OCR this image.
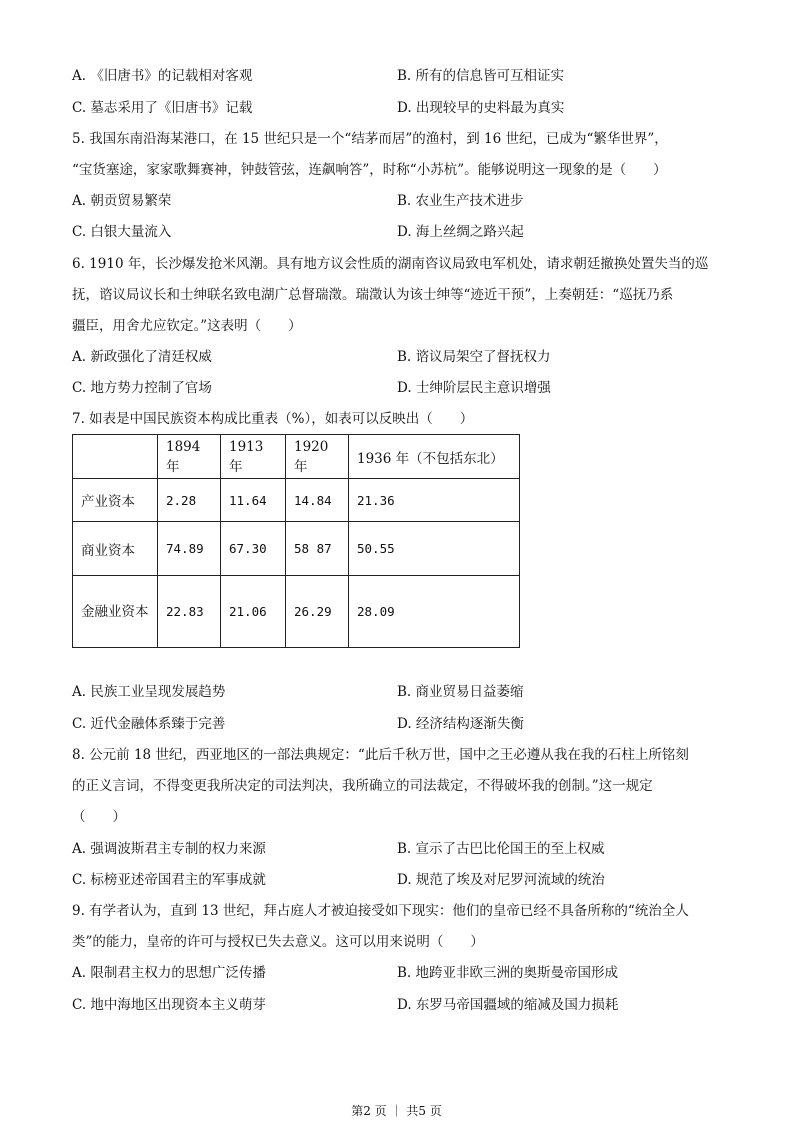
A. 《旧唐书》的记载相对客观	B. 所有的信息皆可互相证实
C. 墓志采用了《旧唐书》记载	D. 出现较早的史料最为真实
5. 我国东南沿海某港口，在 15 世纪只是一个“结茅而居”的渔村，到 16 世纪，已成为“繁华世界”，
“宝货塞途，家家歌舞赛神，钟鼓管弦，连飙响答”，时称“小苏杭”。能够说明这一现象的是（　　）
A. 朝贡贸易繁荣	B. 农业生产技术进步
C. 白银大量流入	D. 海上丝绸之路兴起
6. 1910 年，长沙爆发抢米风潮。具有地方议会性质的湖南咨议局致电军机处，请求朝廷撤换处置失当的巡
抚，谘议局议长和士绅联名致电湖广总督瑞澂。瑞澂认为该士绅等“迹近干预”，上奏朝廷：“巡抚乃系
疆臣，用舍尤应钦定。”这表明（　　）
A. 新政强化了清廷权威	B. 谘议局架空了督抚权力
C. 地方势力控制了官场	D. 士绅阶层民主意识增强
7. 如表是中国民族资本构成比重表（%），如表可以反映出（　　）
	1894 年	1913 年	1920 年	1936 年（不包括东北）
产业资本	2.28	11.64	14.84	21.36
商业资本	74.89	67.30	58 87	50.55
金融业资本	22.83	21.06	26.29	28.09
A. 民族工业呈现发展趋势	B. 商业贸易日益萎缩
C. 近代金融体系臻于完善	D. 经济结构逐渐失衡
8. 公元前 18 世纪，西亚地区的一部法典规定：“此后千秋万世，国中之王必遵从我在我的石柱上所铭刻
的正义言词，不得变更我所决定的司法判决，我所确立的司法裁定，不得破坏我的创制。”这一规定
（　　）
A. 强调波斯君主专制的权力来源	B. 宣示了古巴比伦国王的至上权威
C. 标榜亚述帝国君主的军事成就	D. 规范了埃及对尼罗河流域的统治
9. 有学者认为，直到 13 世纪，拜占庭人才被迫接受如下现实：他们的皇帝已经不具备所称的“统治全人
类”的能力，皇帝的许可与授权已失去意义。这可以用来说明（　　）
A. 限制君主权力的思想广泛传播	B. 地跨亚非欧三洲的奥斯曼帝国形成
C. 地中海地区出现资本主义萌芽	D. 东罗马帝国疆域的缩减及国力损耗
第2 页 ｜ 共5 页
